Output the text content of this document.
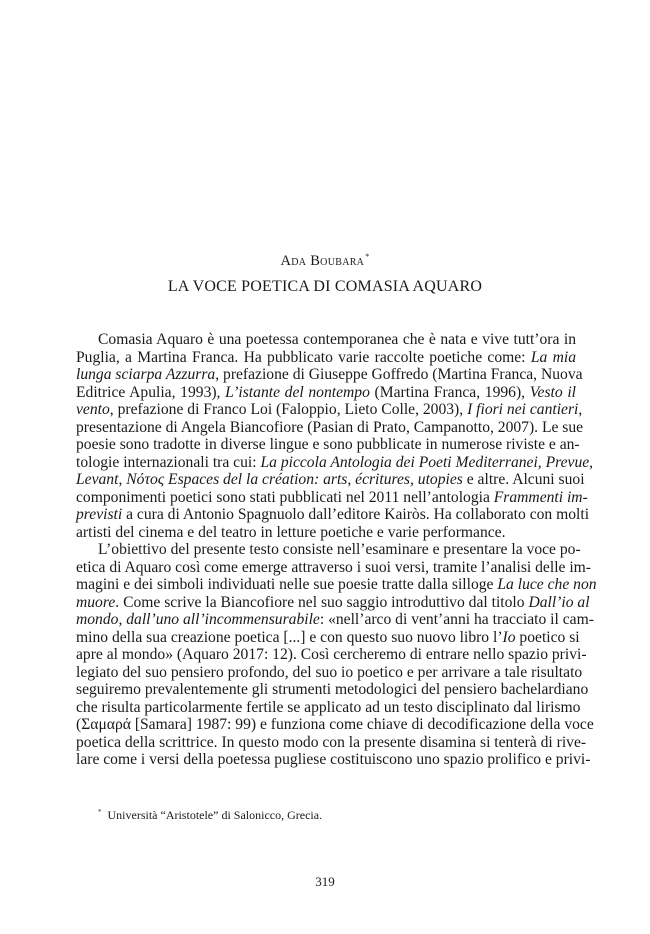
Ada Boubara*
LA VOCE POETICA DI COMASIA AQUARO
Comasia Aquaro è una poetessa contemporanea che è nata e vive tutt’ora in
Puglia, a Martina Franca. Ha pubblicato varie raccolte poetiche come: La mia
lunga sciarpa Azzurra, prefazione di Giuseppe Goffredo (Martina Franca, Nuova
Editrice Apulia, 1993), L’istante del nontempo (Martina Franca, 1996), Vesto il
vento, prefazione di Franco Loi (Faloppio, Lieto Colle, 2003), I fiori nei cantieri,
presentazione di Angela Biancofiore (Pasian di Prato, Campanotto, 2007). Le sue
poesie sono tradotte in diverse lingue e sono pubblicate in numerose riviste e an-
tologie internazionali tra cui: La piccola Antologia dei Poeti Mediterranei, Prevue,
Levant, Νότος Espaces del la création: arts, écritures, utopies e altre. Alcuni suoi
componimenti poetici sono stati pubblicati nel 2011 nell’antologia Frammenti im-
previsti a cura di Antonio Spagnuolo dall’editore Kairòs. Ha collaborato con molti
artisti del cinema e del teatro in letture poetiche e varie performance.
L’obiettivo del presente testo consiste nell’esaminare e presentare la voce po-
etica di Aquaro così come emerge attraverso i suoi versi, tramite l’analisi delle im-
magini e dei simboli individuati nelle sue poesie tratte dalla silloge La luce che non
muore. Come scrive la Biancofiore nel suo saggio introduttivo dal titolo Dall’io al
mondo, dall’uno all’incommensurabile: «nell’arco di vent’anni ha tracciato il cam-
mino della sua creazione poetica [...] e con questo suo nuovo libro l’Io poetico si
apre al mondo» (Aquaro 2017: 12). Così cercheremo di entrare nello spazio privi-
legiato del suo pensiero profondo, del suo io poetico e per arrivare a tale risultato
seguiremo prevalentemente gli strumenti metodologici del pensiero bachelardiano
che risulta particolarmente fertile se applicato ad un testo disciplinato dal lirismo
(Σαμαρά [Samara] 1987: 99) e funziona come chiave di decodificazione della voce
poetica della scrittrice. In questo modo con la presente disamina si tenterà di rive-
lare come i versi della poetessa pugliese costituiscono uno spazio prolifico e privi-
* Università “Aristotele” di Salonicco, Grecia.
319
